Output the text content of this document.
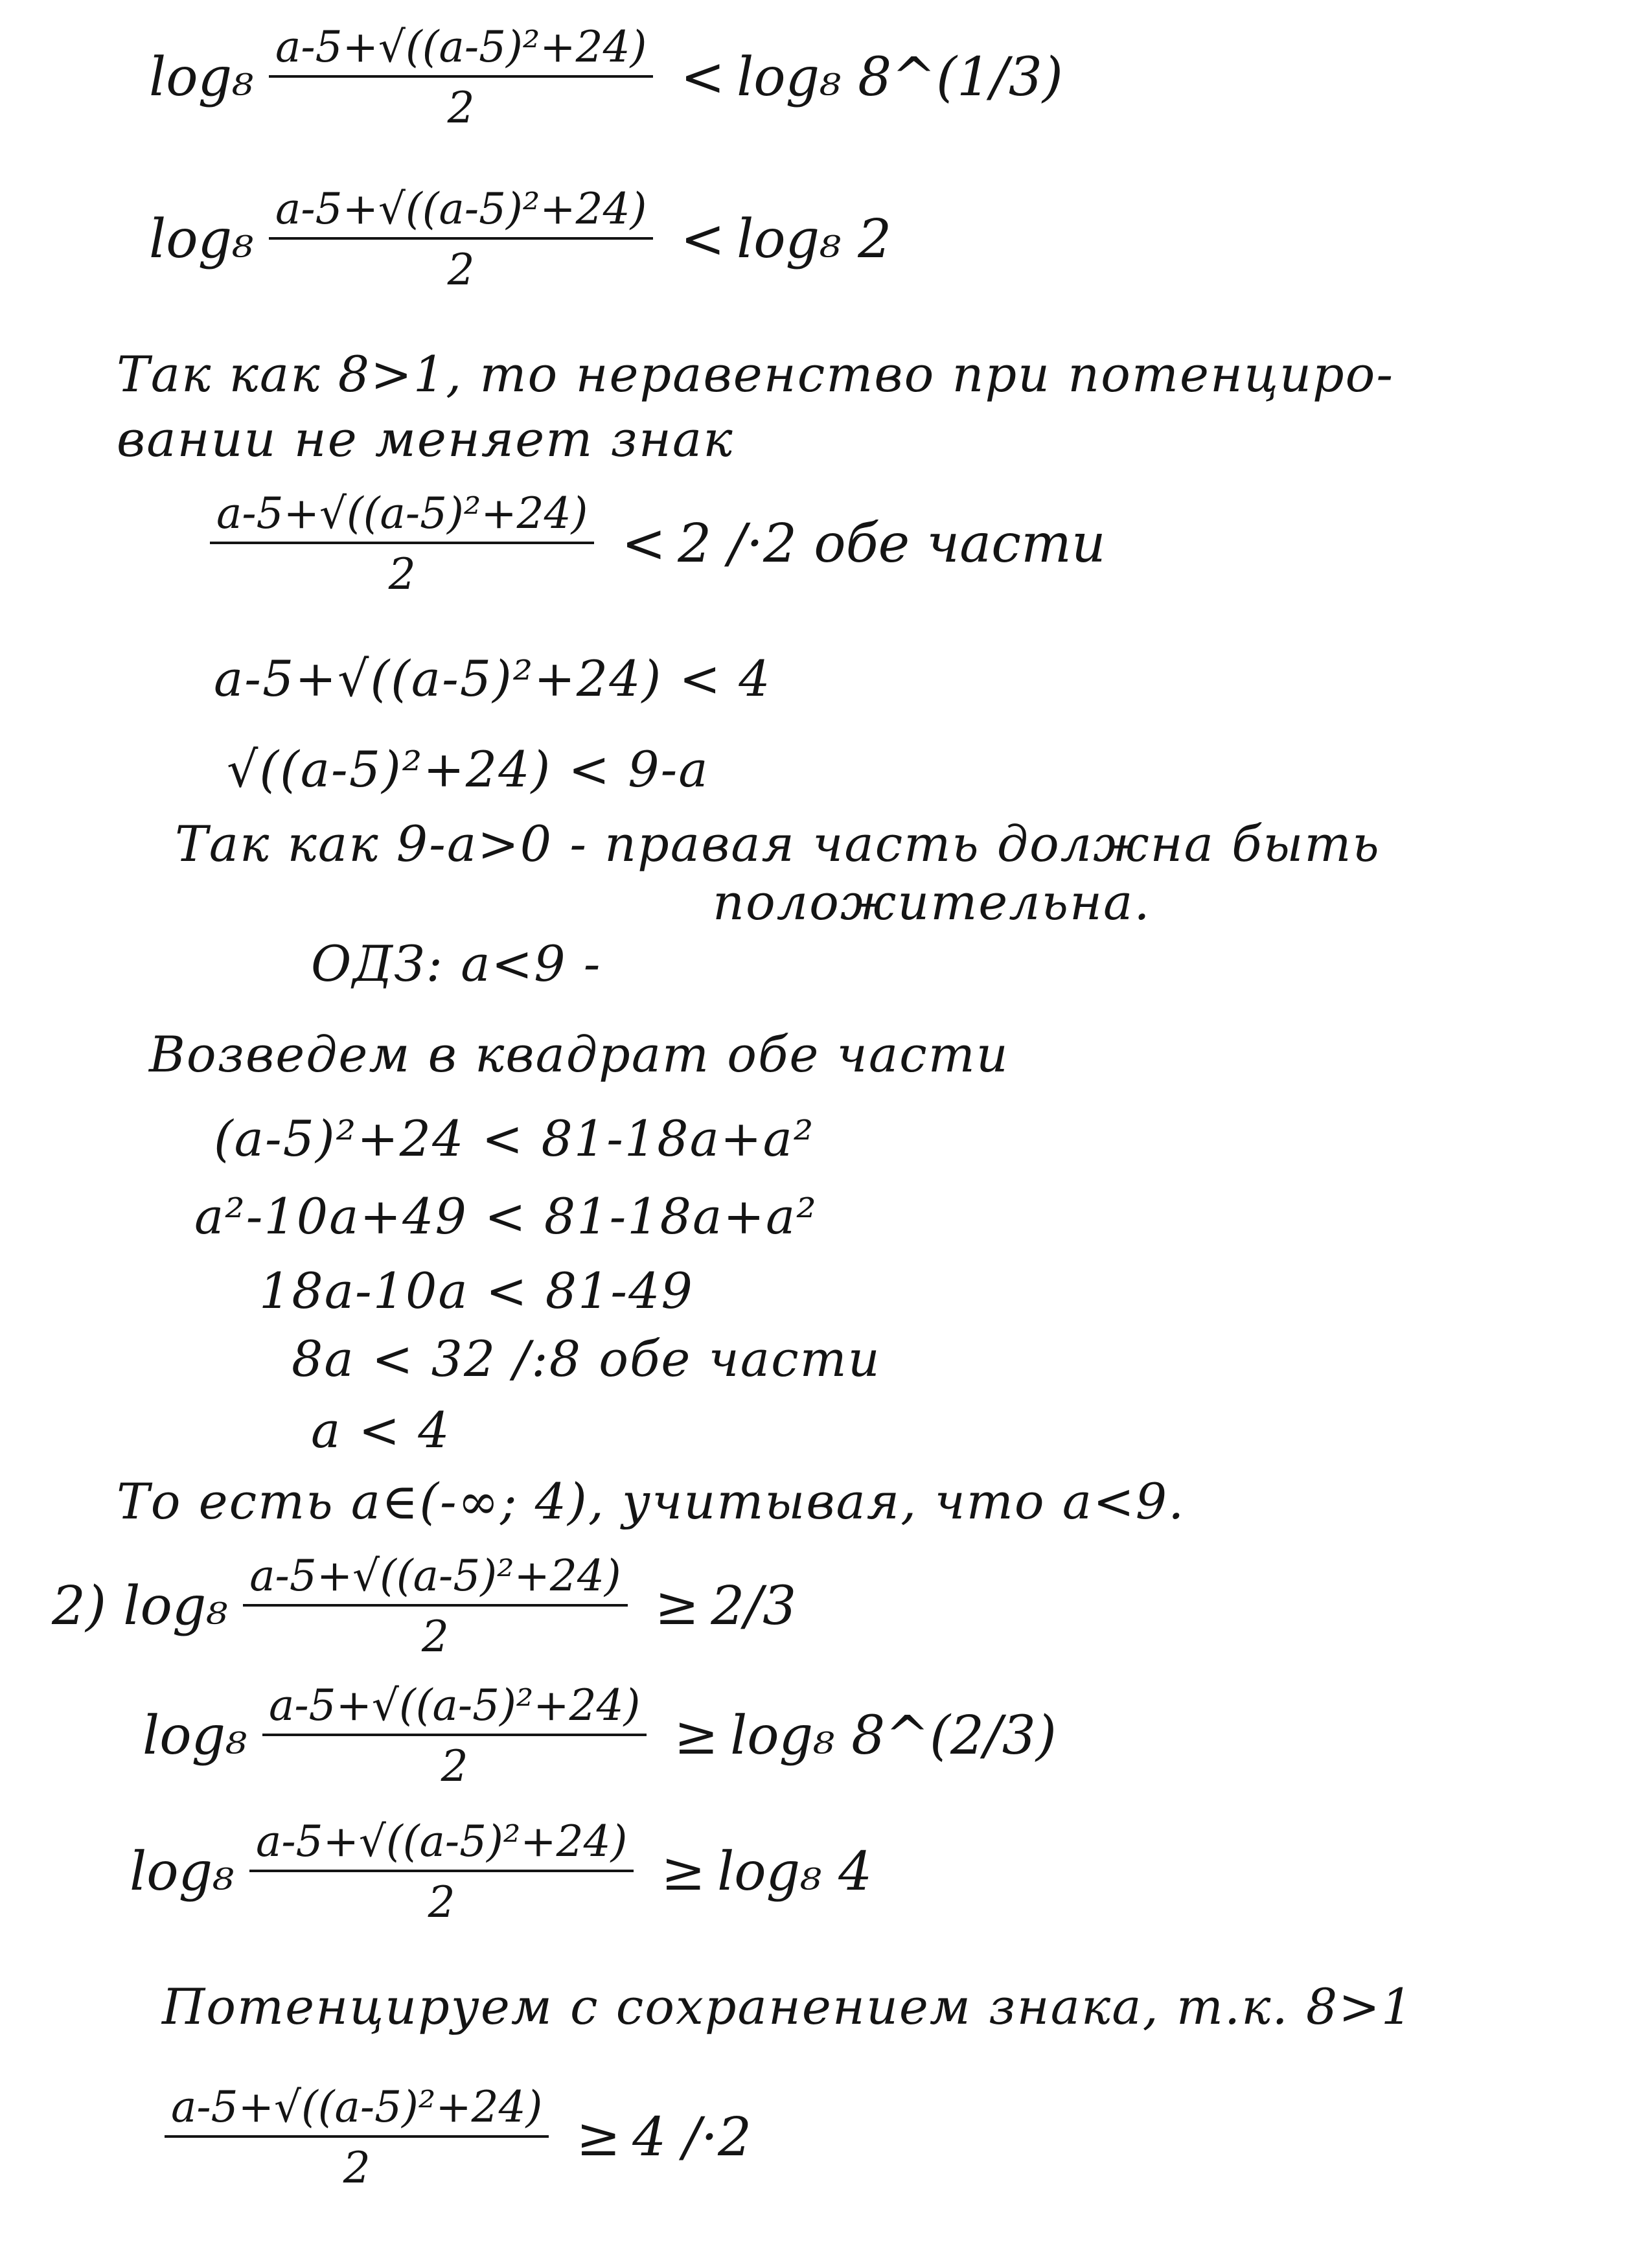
$\log_8 \frac{\text{a-5+√((a-5)²+24)}}{2} < \log_8$ 8^(1/3)
$\log_8 \frac{\text{a-5+√((a-5)²+24)}}{2} < \log_8$ 2
Так как 8>1, то неравенство при потенциро-
вании не меняет знак
$\frac{\text{a-5+√((a-5)²+24)}}{2} < 2$ /·2 обе части
a-5+√((a-5)²+24) < 4
√((a-5)²+24) < 9-a
Так как 9-a>0 - правая часть должна быть
положительна.
ОДЗ: a<9 -
Возведем в квадрат обе части
(a-5)²+24 < 81-18a+a²
a²-10a+49 < 81-18a+a²
18a-10a < 81-49
8a < 32 /:8 обе части
a < 4
То есть a∈(-∞; 4), учитывая, что a<9.
2) $\log_8 \frac{\text{a-5+√((a-5)²+24)}}{2} \ge 2/3$
$\log_8 \frac{\text{a-5+√((a-5)²+24)}}{2} \ge \log_8$ 8^(2/3)
$\log_8 \frac{\text{a-5+√((a-5)²+24)}}{2} \ge \log_8$ 4
Потенцируем с сохранением знака, т.к. 8>1
$\frac{\text{a-5+√((a-5)²+24)}}{2} \ge 4$ /·2
